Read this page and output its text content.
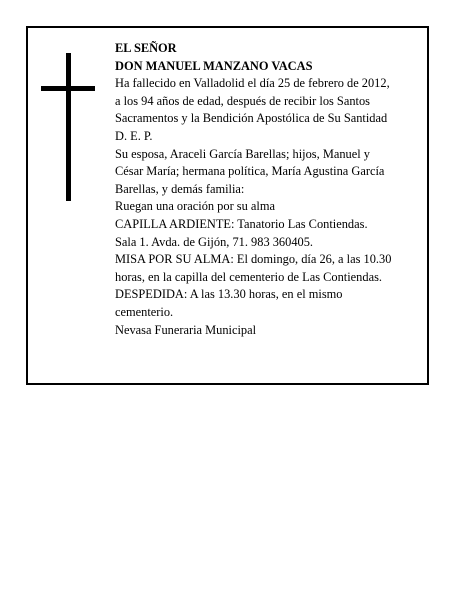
EL SEÑOR
DON MANUEL MANZANO VACAS
Ha fallecido en Valladolid el día 25 de febrero de 2012,
a los 94 años de edad, después de recibir los Santos
Sacramentos y la Bendición Apostólica de Su Santidad
D. E. P.
Su esposa, Araceli García Barellas; hijos, Manuel y
César María; hermana política, María Agustina García
Barellas, y demás familia:
Ruegan una oración por su alma
CAPILLA ARDIENTE: Tanatorio Las Contiendas.
Sala 1. Avda. de Gijón, 71. 983 360405.
MISA POR SU ALMA: El domingo, día 26, a las 10.30
horas, en la capilla del cementerio de Las Contiendas.
DESPEDIDA: A las 13.30 horas, en el mismo
cementerio.
Nevasa Funeraria Municipal
